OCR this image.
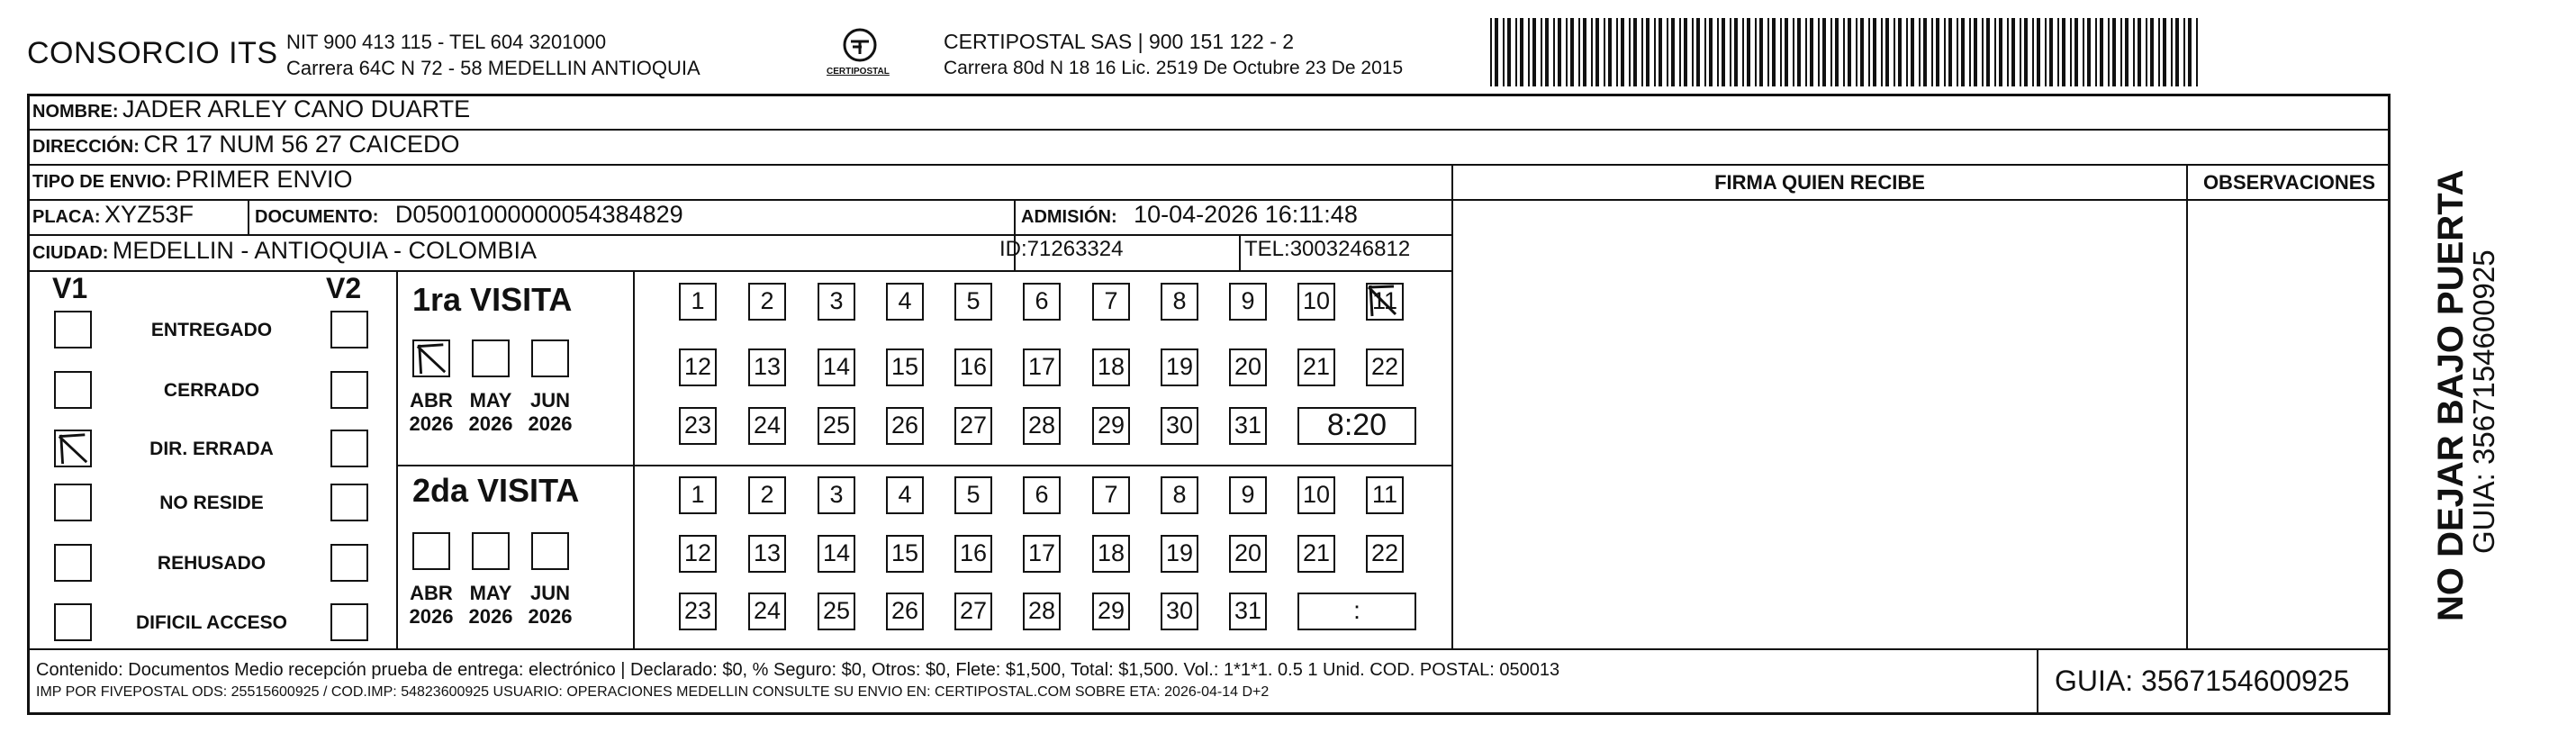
CONSORCIO ITS NIT 900 413 115 - TEL 604 3201000
Carrera 64C N 72 - 58 MEDELLIN ANTIOQUIA	CERTIPOSTAL
CERTIPOSTAL SAS | 900 151 122 - 2
Carrera 80d N 18 16 Lic. 2519 De Octubre 23 De 2015
NOMBRE: JADER ARLEY CANO DUARTE
DIRECCIÓN: CR 17 NUM 56 27 CAICEDO
TIPO DE ENVIO: PRIMER ENVIO
PLACA: XYZ53F	DOCUMENTO: D05001000000054384829	ADMISIÓN: 10-04-2026 16:11:48
CIUDAD: MEDELLIN - ANTIOQUIA - COLOMBIA	ID:71263324	TEL:3003246812
FIRMA QUIEN RECIBE	OBSERVACIONES
V1	V2
ENTREGADO
CERRADO
DIR. ERRADA
NO RESIDE
REHUSADO
DIFICIL ACCESO
1ra VISITA
2da VISITA
ABR
2026
MAY
2026
JUN
2026
1	2	3	4	5	6	7	8	9	10 11
12 13 14 15 16 17 18 19 20 21 22
23 24 25 26 27 28 29 30 31	8:20
ABR
2026
MAY
2026
JUN
2026
1	2	3	4	5	6	7	8	9	10 11
12 13 14 15 16 17 18 19 20 21 22
23 24 25 26 27 28 29 30 31	:
Contenido: Documentos Medio recepción prueba de entrega: electrónico | Declarado: $0, % Seguro: $0, Otros: $0, Flete: $1,500, Total: $1,500. Vol.: 1*1*1. 0.5 1 Unid. COD. POSTAL: 050013
IMP POR FIVEPOSTAL ODS: 25515600925 / COD.IMP: 54823600925 USUARIO: OPERACIONES MEDELLIN CONSULTE SU ENVIO EN: CERTIPOSTAL.COM SOBRE ETA: 2026-04-14 D+2	GUIA: 3567154600925
NO DEJAR BAJO PUERTA
GUIA: 3567154600925
